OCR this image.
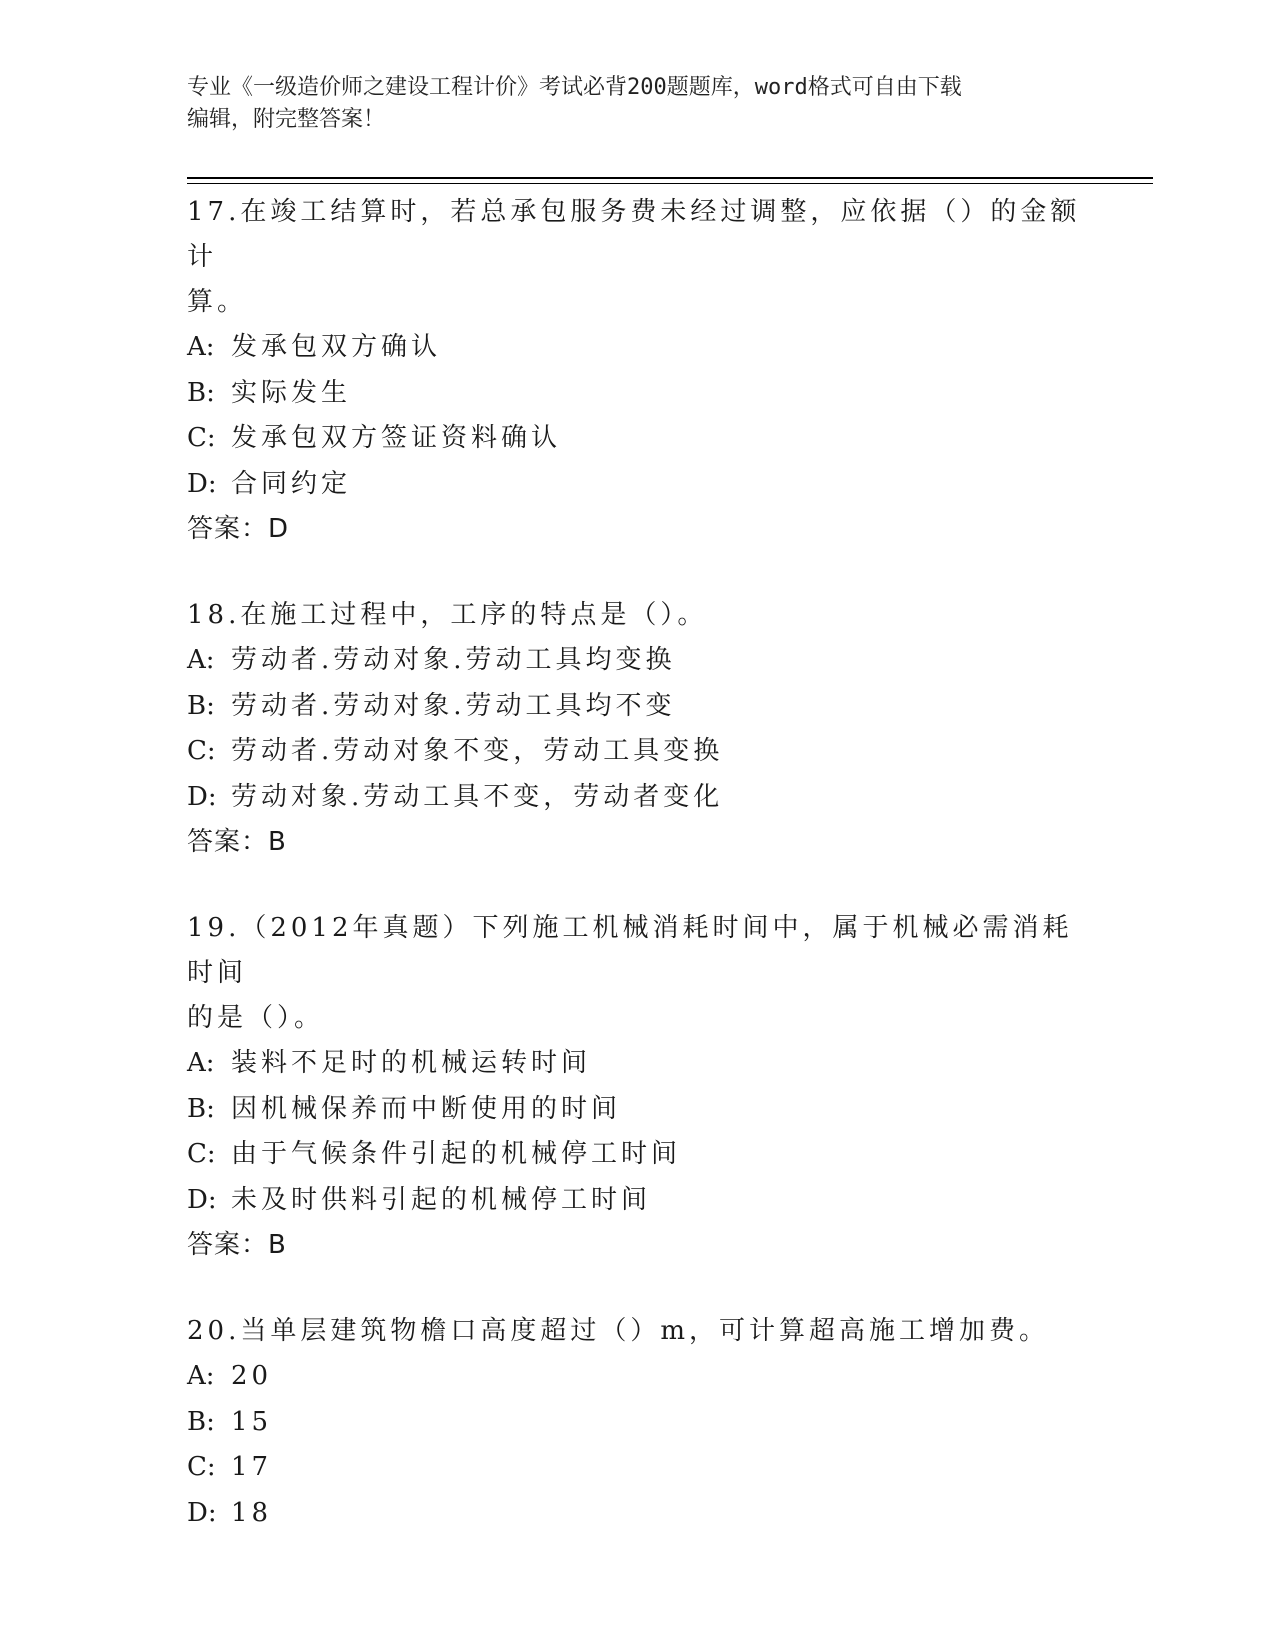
专业《一级造价师之建设工程计价》考试必背200题题库，word格式可自由下载
编辑，附完整答案！
17.在竣工结算时，若总承包服务费未经过调整，应依据（）的金额计
算。
A: 发承包双方确认
B: 实际发生
C: 发承包双方签证资料确认
D: 合同约定
答案：D
18.在施工过程中，工序的特点是（）。
A: 劳动者.劳动对象.劳动工具均变换
B: 劳动者.劳动对象.劳动工具均不变
C: 劳动者.劳动对象不变，劳动工具变换
D: 劳动对象.劳动工具不变，劳动者变化
答案：B
19.（2012年真题）下列施工机械消耗时间中，属于机械必需消耗时间
的是（）。
A: 装料不足时的机械运转时间
B: 因机械保养而中断使用的时间
C: 由于气候条件引起的机械停工时间
D: 未及时供料引起的机械停工时间
答案：B
20.当单层建筑物檐口高度超过（）m，可计算超高施工增加费。
A: 20
B: 15
C: 17
D: 18
